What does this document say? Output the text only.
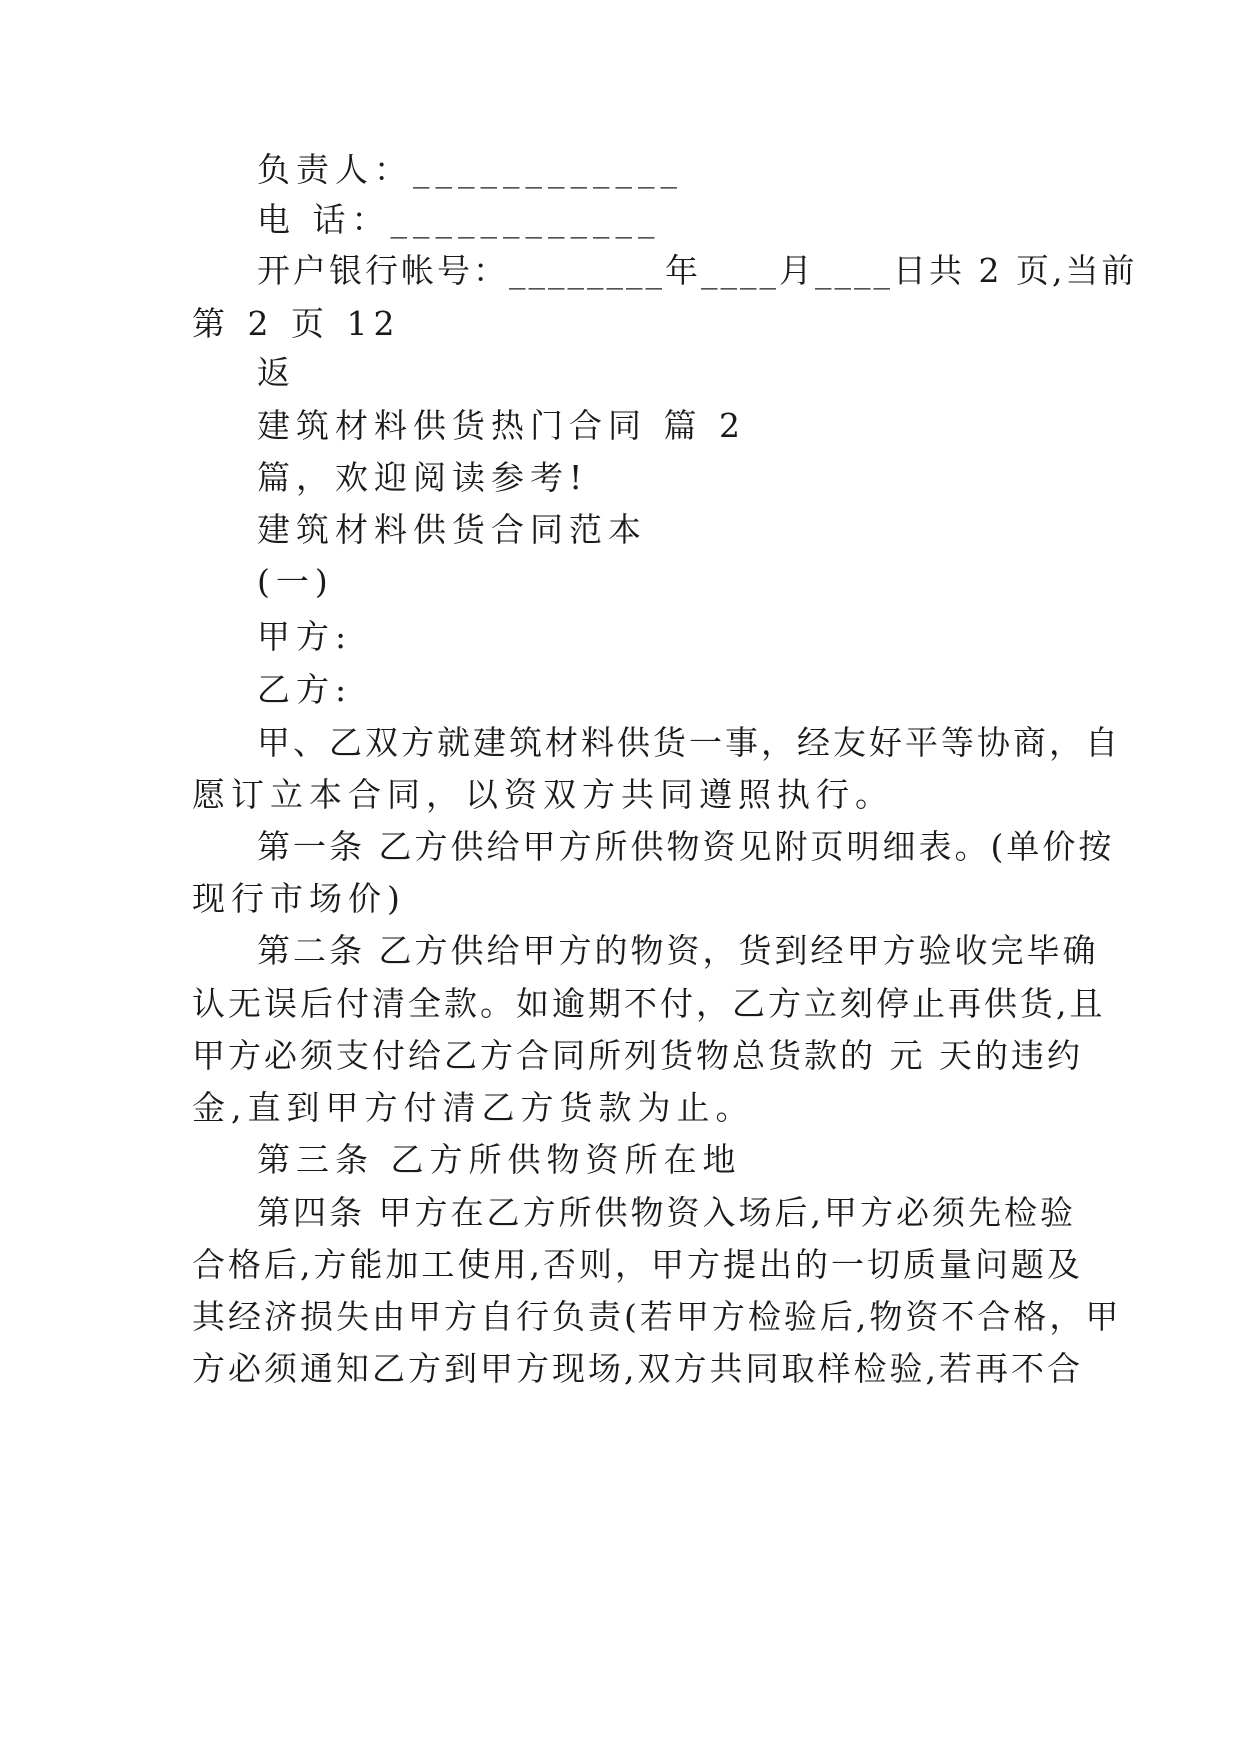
负责人：____________
电 话：____________
开户银行帐号：________年____月____日共 2 页,当前
第 2 页 12
返
建筑材料供货热门合同 篇 2
篇，欢迎阅读参考!
建筑材料供货合同范本
(一)
甲方:
乙方:
甲、乙双方就建筑材料供货一事，经友好平等协商，自
愿订立本合同，以资双方共同遵照执行。
第一条 乙方供给甲方所供物资见附页明细表。(单价按
现行市场价)
第二条 乙方供给甲方的物资，货到经甲方验收完毕确
认无误后付清全款。如逾期不付，乙方立刻停止再供货,且
甲方必须支付给乙方合同所列货物总货款的 元 天的违约
金,直到甲方付清乙方货款为止。
第三条 乙方所供物资所在地
第四条 甲方在乙方所供物资入场后,甲方必须先检验
合格后,方能加工使用,否则，甲方提出的一切质量问题及
其经济损失由甲方自行负责(若甲方检验后,物资不合格，甲
方必须通知乙方到甲方现场,双方共同取样检验,若再不合
